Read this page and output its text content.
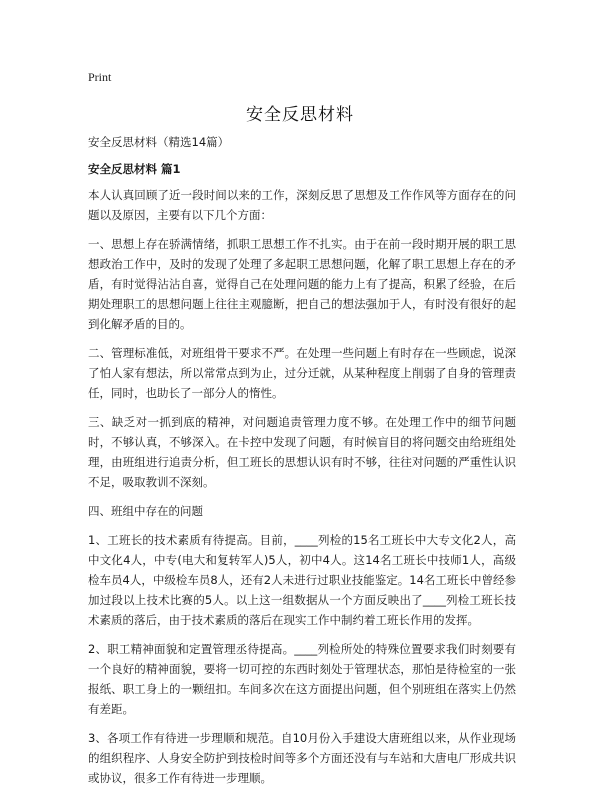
Print
安全反思材料

安全反思材料（精选14篇）

安全反思材料 篇1

本人认真回顾了近一段时间以来的工作，深刻反思了思想及工作作风等方面存在的问题以及原因，主要有以下几个方面：

一、思想上存在骄满情绪，抓职工思想工作不扎实。由于在前一段时期开展的职工思想政治工作中，及时的发现了处理了多起职工思想问题，化解了职工思想上存在的矛盾，有时觉得沾沾自喜，觉得自己在处理问题的能力上有了提高，积累了经验，在后期处理职工的思想问题上往往主观臆断，把自己的想法强加于人，有时没有很好的起到化解矛盾的目的。

二、管理标准低，对班组骨干要求不严。在处理一些问题上有时存在一些顾虑，说深了怕人家有想法，所以常常点到为止，过分迁就，从某种程度上削弱了自身的管理责任，同时，也助长了一部分人的惰性。

三、缺乏对一抓到底的精神，对问题追责管理力度不够。在处理工作中的细节问题时，不够认真，不够深入。在卡控中发现了问题，有时候盲目的将问题交由给班组处理，由班组进行追责分析，但工班长的思想认识有时不够，往往对问题的严重性认识不足，吸取教训不深刻。

四、班组中存在的问题

1、工班长的技术素质有待提高。目前，____列检的15名工班长中大专文化2人，高中文化4人，中专(电大和复转军人)5人，初中4人。这14名工班长中技师1人，高级检车员4人，中级检车员8人，还有2人未进行过职业技能鉴定。14名工班长中曾经参加过段以上技术比赛的5人。以上这一组数据从一个方面反映出了____列检工班长技术素质的落后，由于技术素质的落后在现实工作中制约着工班长作用的发挥。

2、职工精神面貌和定置管理丞待提高。____列检所处的特殊位置要求我们时刻要有一个良好的精神面貌，要将一切可控的东西时刻处于管理状态，那怕是待检室的一张报纸、职工身上的一颗纽扣。车间多次在这方面提出问题，但个别班组在落实上仍然有差距。

3、各项工作有待进一步理顺和规范。自10月份入手建设大唐班组以来，从作业现场的组织程序、人身安全防护到技检时间等多个方面还没有与车站和大唐电厂形成共识或协议，很多工作有待进一步理顺。
